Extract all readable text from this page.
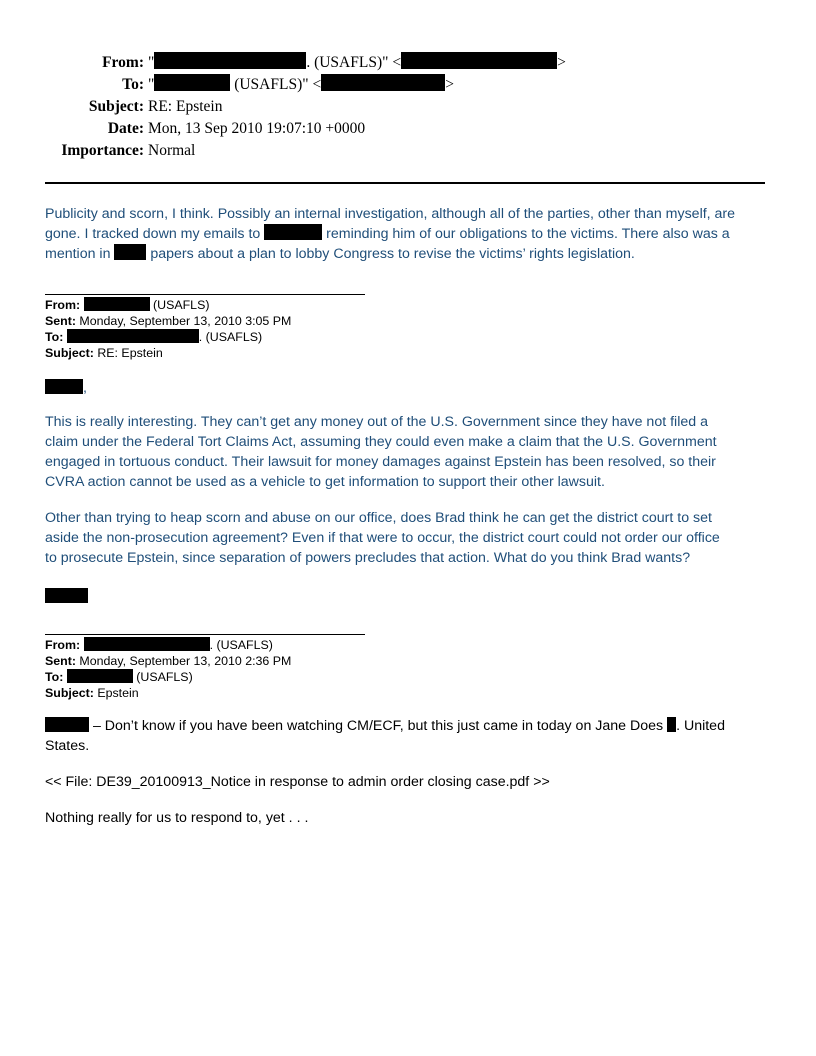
From: "	. (USAFLS)" <	>
To: "	(USAFLS)" <	>
Subject: RE: Epstein
Date: Mon, 13 Sep 2010 19:07:10 +0000
Importance: Normal
Publicity and scorn, I think. Possibly an internal investigation, although all of the parties, other than myself, are
gone. I tracked down my emails to	reminding him of our obligations to the victims. There also was a
mention in  papers about a plan to lobby Congress to revise the victims’ rights legislation.
From:	(USAFLS)
Sent: Monday, September 13, 2010 3:05 PM
To:	. (USAFLS)
Subject: RE: Epstein
,
This is really interesting. They can’t get any money out of the U.S. Government since they have not filed a
claim under the Federal Tort Claims Act, assuming they could even make a claim that the U.S. Government
engaged in tortuous conduct. Their lawsuit for money damages against Epstein has been resolved, so their
CVRA action cannot be used as a vehicle to get information to support their other lawsuit.
Other than trying to heap scorn and abuse on our office, does Brad think he can get the district court to set
aside the non-prosecution agreement? Even if that were to occur, the district court could not order our office
to prosecute Epstein, since separation of powers precludes that action. What do you think Brad wants?
From:	. (USAFLS)
Sent: Monday, September 13, 2010 2:36 PM
To:	(USAFLS)
Subject: Epstein
– Don’t know if you have been watching CM/ECF, but this just came in today on Jane Does . United
States.
<< File: DE39_20100913_Notice in response to admin order closing case.pdf >>
Nothing really for us to respond to, yet . . .
